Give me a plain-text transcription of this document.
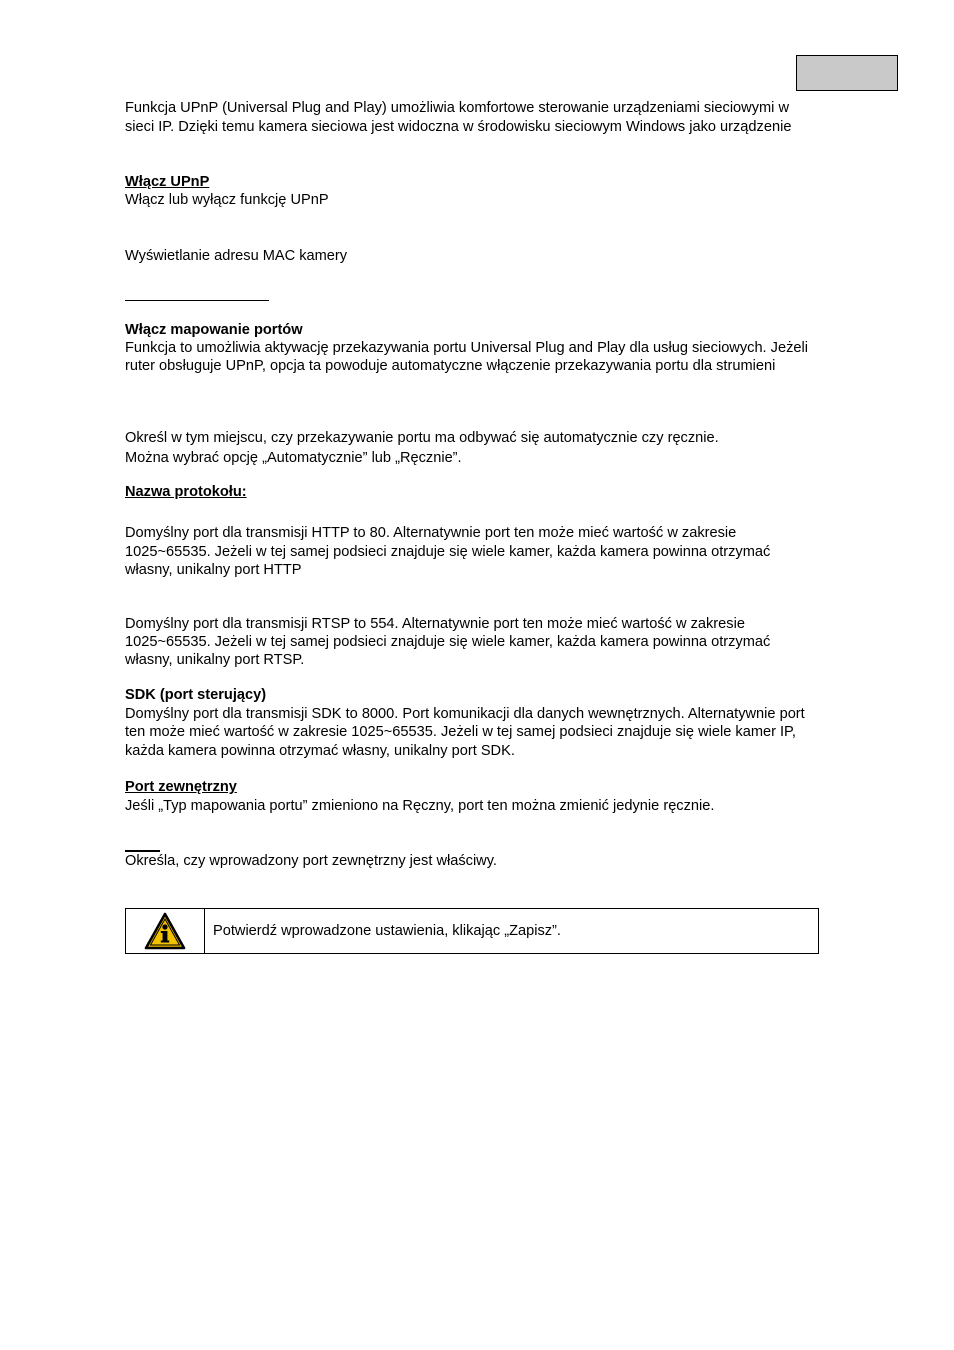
Funkcja UPnP (Universal Plug and Play) umożliwia komfortowe sterowanie urządzeniami sieciowymi w
sieci IP. Dzięki temu kamera sieciowa jest widoczna w środowisku sieciowym Windows jako urządzenie
Włącz UPnP
Włącz lub wyłącz funkcję UPnP
Wyświetlanie adresu MAC kamery
Włącz mapowanie portów
Funkcja to umożliwia aktywację przekazywania portu Universal Plug and Play dla usług sieciowych. Jeżeli
ruter obsługuje UPnP, opcja ta powoduje automatyczne włączenie przekazywania portu dla strumieni
Określ w tym miejscu, czy przekazywanie portu ma odbywać się automatycznie czy ręcznie.
Można wybrać opcję „Automatycznie” lub „Ręcznie”.
Nazwa protokołu:
Domyślny port dla transmisji HTTP to 80. Alternatywnie port ten może mieć wartość w zakresie
1025~65535. Jeżeli w tej samej podsieci znajduje się wiele kamer, każda kamera powinna otrzymać
własny, unikalny port HTTP
Domyślny port dla transmisji RTSP to 554. Alternatywnie port ten może mieć wartość w zakresie
1025~65535. Jeżeli w tej samej podsieci znajduje się wiele kamer, każda kamera powinna otrzymać
własny, unikalny port RTSP.
SDK (port sterujący)
Domyślny port dla transmisji SDK to 8000. Port komunikacji dla danych wewnętrznych. Alternatywnie port
ten może mieć wartość w zakresie 1025~65535. Jeżeli w tej samej podsieci znajduje się wiele kamer IP,
każda kamera powinna otrzymać własny, unikalny port SDK.
Port zewnętrzny
Jeśli „Typ mapowania portu” zmieniono na Ręczny, port ten można zmienić jedynie ręcznie.
Określa, czy wprowadzony port zewnętrzny jest właściwy.
Potwierdź wprowadzone ustawienia, klikając „Zapisz”.
